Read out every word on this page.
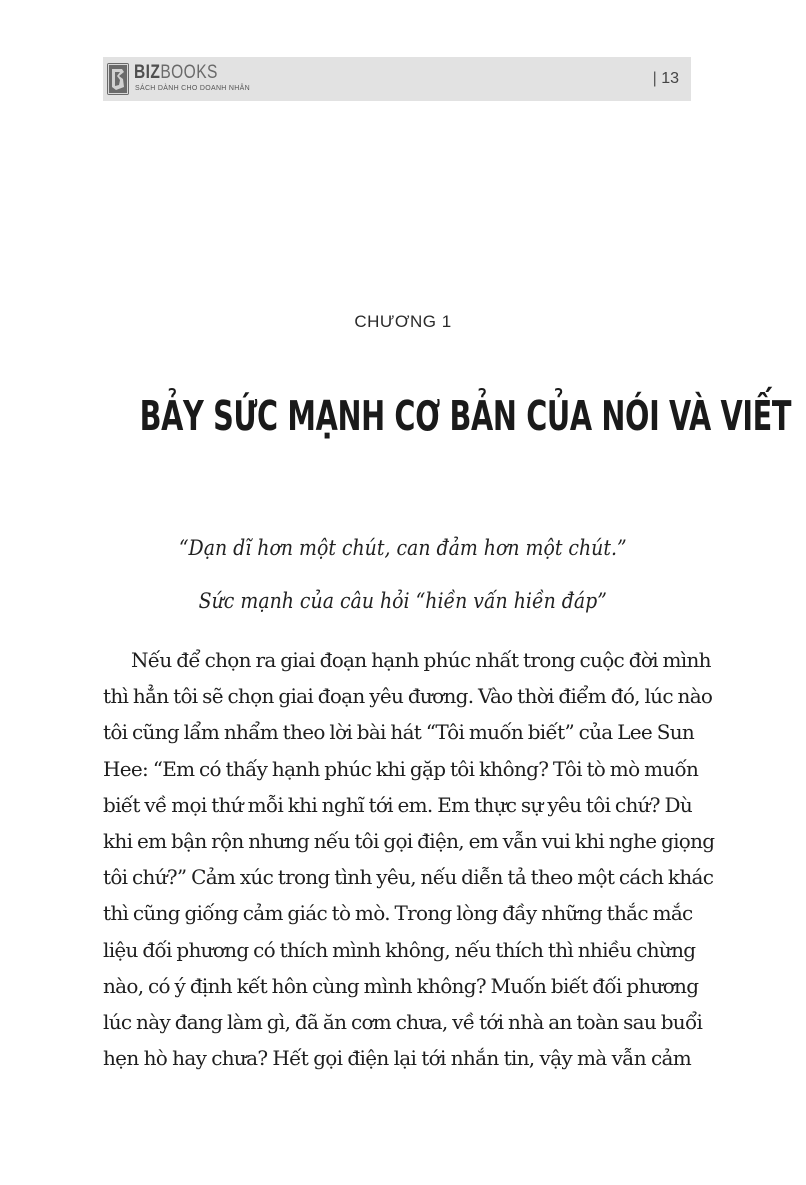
BIZBOOKS
SÁCH DÀNH CHO DOANH NHÂN
| 13
CHƯƠNG 1
BẢY SỨC MẠNH CƠ BẢN CỦA NÓI VÀ VIẾT
“Dạn dĩ hơn một chút, can đảm hơn một chút.”
Sức mạnh của câu hỏi “hiền vấn hiền đáp”
Nếu để chọn ra giai đoạn hạnh phúc nhất trong cuộc đời mình
thì hẳn tôi sẽ chọn giai đoạn yêu đương. Vào thời điểm đó, lúc nào
tôi cũng lẩm nhẩm theo lời bài hát “Tôi muốn biết” của Lee Sun
Hee: “Em có thấy hạnh phúc khi gặp tôi không? Tôi tò mò muốn
biết về mọi thứ mỗi khi nghĩ tới em. Em thực sự yêu tôi chứ? Dù
khi em bận rộn nhưng nếu tôi gọi điện, em vẫn vui khi nghe giọng
tôi chứ?” Cảm xúc trong tình yêu, nếu diễn tả theo một cách khác
thì cũng giống cảm giác tò mò. Trong lòng đầy những thắc mắc
liệu đối phương có thích mình không, nếu thích thì nhiều chừng
nào, có ý định kết hôn cùng mình không? Muốn biết đối phương
lúc này đang làm gì, đã ăn cơm chưa, về tới nhà an toàn sau buổi
hẹn hò hay chưa? Hết gọi điện lại tới nhắn tin, vậy mà vẫn cảm
